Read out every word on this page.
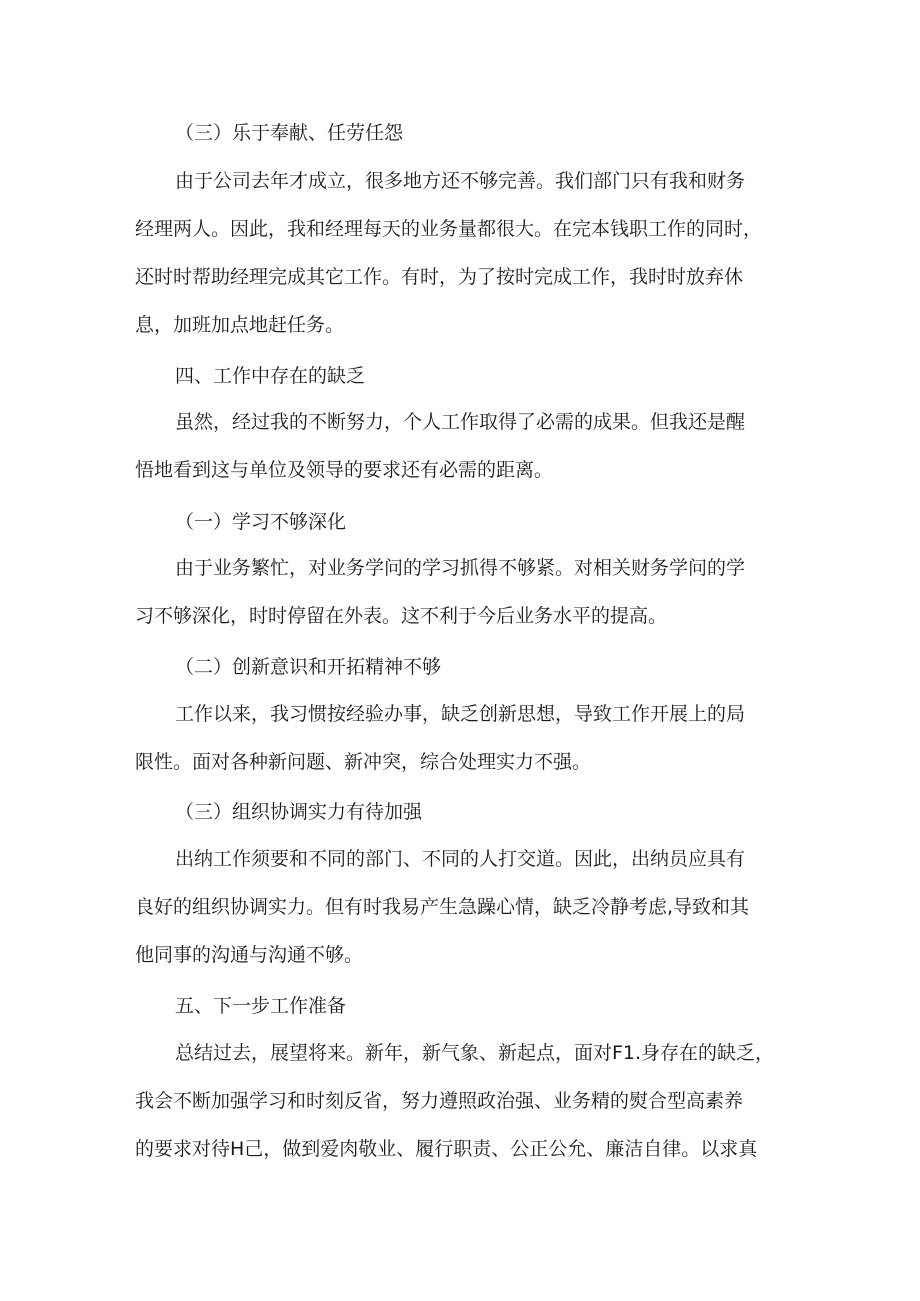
（三）乐于奉献、任劳任怨

由于公司去年才成立，很多地方还不够完善。我们部门只有我和财务

经理两人。因此，我和经理每天的业务量都很大。在完本钱职工作的同时，

还时时帮助经理完成其它工作。有时，为了按时完成工作，我时时放弃休

息，加班加点地赶任务。

四、工作中存在的缺乏

虽然，经过我的不断努力，个人工作取得了必需的成果。但我还是醒

悟地看到这与单位及领导的要求还有必需的距离。

（一）学习不够深化

由于业务繁忙，对业务学问的学习抓得不够紧。对相关财务学问的学

习不够深化，时时停留在外表。这不利于今后业务水平的提高。

（二）创新意识和开拓精神不够

工作以来，我习惯按经验办事，缺乏创新思想，导致工作开展上的局

限性。面对各种新问题、新冲突，综合处理实力不强。

（三）组织协调实力有待加强

出纳工作须要和不同的部门、不同的人打交道。因此，出纳员应具有

良好的组织协调实力。但有时我易产生急躁心情，缺乏冷静考虑,导致和其

他同事的沟通与沟通不够。

五、下一步工作准备

总结过去，展望将来。新年，新气象、新起点，面对F1.身存在的缺乏，

我会不断加强学习和时刻反省，努力遵照政治强、业务精的熨合型高素养

的要求对待H己，做到爱肉敬业、履行职责、公正公允、廉洁自律。以求真
